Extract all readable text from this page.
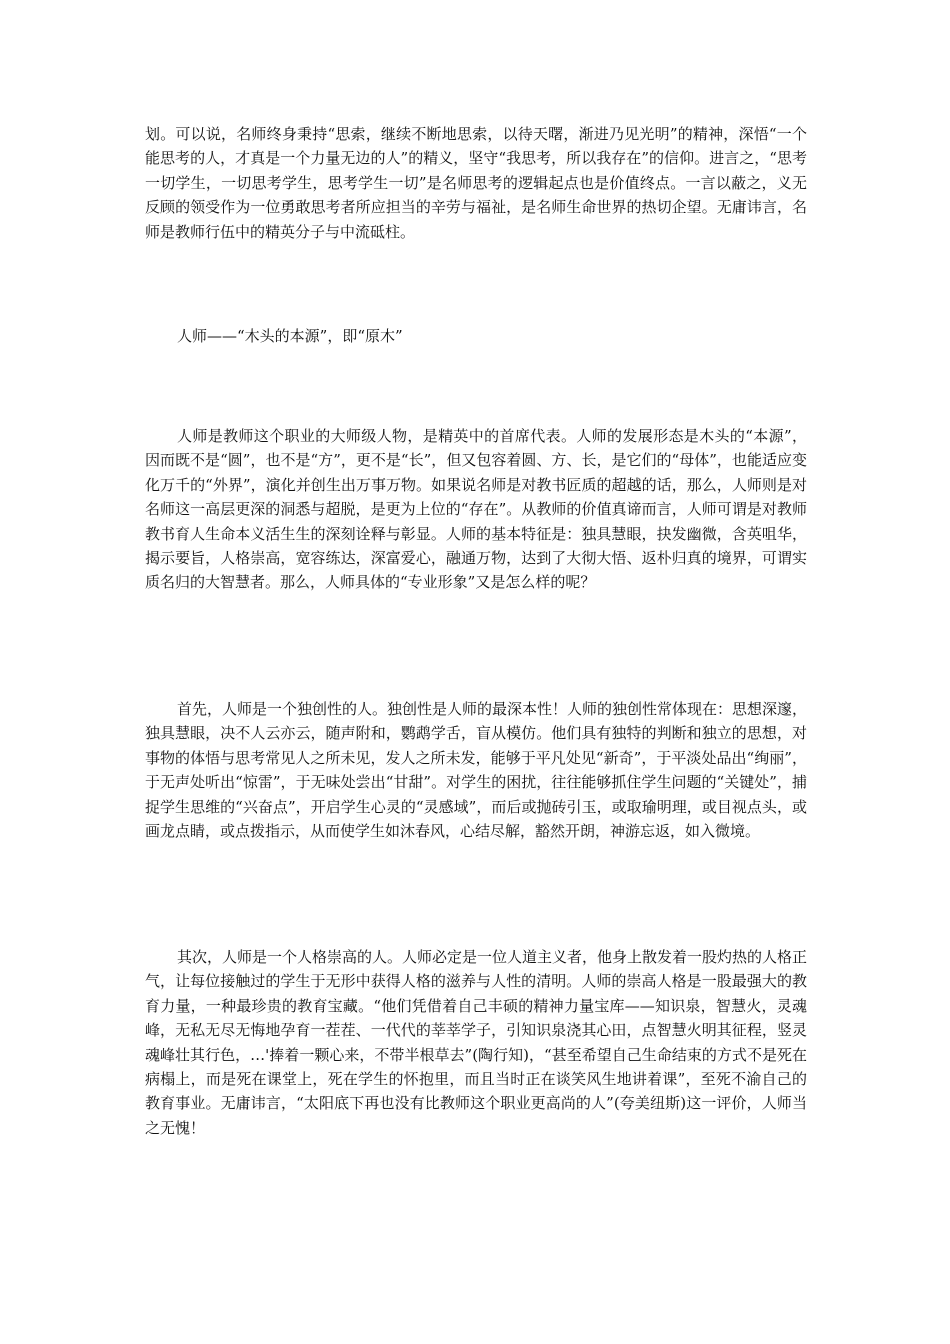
划。可以说，名师终身秉持“思索，继续不断地思索，以待天曙，渐进乃见光明”的精神，深悟“一个能思考的人，才真是一个力量无边的人”的精义，坚守“我思考，所以我存在”的信仰。进言之，“思考一切学生，一切思考学生，思考学生一切”是名师思考的逻辑起点也是价值终点。一言以蔽之，义无反顾的领受作为一位勇敢思考者所应担当的辛劳与福祉，是名师生命世界的热切企望。无庸讳言，名师是教师行伍中的精英分子与中流砥柱。

人师——“木头的本源”，即“原木”

人师是教师这个职业的大师级人物，是精英中的首席代表。人师的发展形态是木头的“本源”，因而既不是“圆”，也不是“方”，更不是“长”，但又包容着圆、方、长，是它们的“母体”，也能适应变化万千的“外界”，演化并创生出万事万物。如果说名师是对教书匠质的超越的话，那么，人师则是对名师这一高层更深的洞悉与超脱，是更为上位的“存在”。从教师的价值真谛而言，人师可谓是对教师教书育人生命本义活生生的深刻诠释与彰显。人师的基本特征是：独具慧眼，抉发幽微，含英咀华，揭示要旨，人格崇高，宽容练达，深富爱心，融通万物，达到了大彻大悟、返朴归真的境界，可谓实质名归的大智慧者。那么，人师具体的“专业形象”又是怎么样的呢？

首先，人师是一个独创性的人。独创性是人师的最深本性！人师的独创性常体现在：思想深邃，独具慧眼，决不人云亦云，随声附和，鹦鹉学舌，盲从模仿。他们具有独特的判断和独立的思想，对事物的体悟与思考常见人之所未见，发人之所未发，能够于平凡处见“新奇”，于平淡处品出“绚丽”，于无声处听出“惊雷”，于无味处尝出“甘甜”。对学生的困扰，往往能够抓住学生问题的“关键处”，捕捉学生思维的“兴奋点”，开启学生心灵的“灵感域”，而后或抛砖引玉，或取瑜明理，或目视点头，或画龙点睛，或点拨指示，从而使学生如沐春风，心结尽解，豁然开朗，神游忘返，如入微境。

其次，人师是一个人格崇高的人。人师必定是一位人道主义者，他身上散发着一股灼热的人格正气，让每位接触过的学生于无形中获得人格的滋养与人性的清明。人师的崇高人格是一股最强大的教育力量，一种最珍贵的教育宝藏。“他们凭借着自己丰硕的精神力量宝库——知识泉，智慧火，灵魂峰，无私无尽无悔地孕育一茬茬、一代代的莘莘学子，引知识泉浇其心田，点智慧火明其征程，竖灵魂峰壮其行色，…'捧着一颗心来，不带半根草去”(陶行知)，“甚至希望自己生命结束的方式不是死在病榻上，而是死在课堂上，死在学生的怀抱里，而且当时正在谈笑风生地讲着课”，至死不渝自己的教育事业。无庸讳言，“太阳底下再也没有比教师这个职业更高尚的人”(夸美纽斯)这一评价，人师当之无愧！
